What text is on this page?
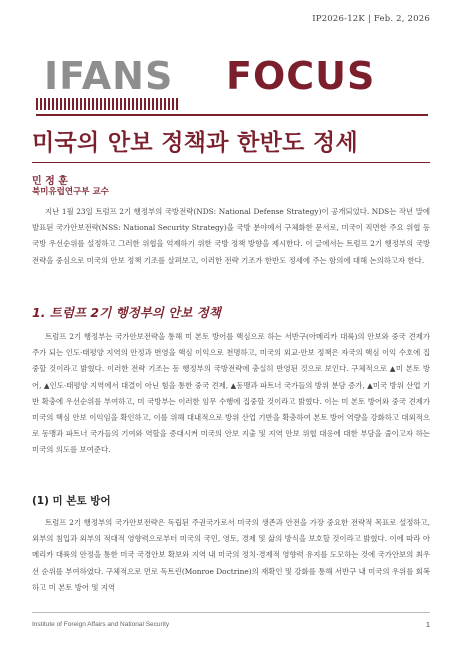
IP2026-12K | Feb. 2, 2026
IFANS FOCUS
미국의 안보 정책과 한반도 정세
민 정 훈
북미유럽연구부 교수
지난 1월 23일 트럼프 2기 행정부의 국방전략(NDS: National Defense Strategy)이 공개되었다. NDS는 작년 말에 발표된 국가안보전략(NSS: National Security Strategy)을 국방 분야에서 구체화한 문서로, 미국이 직면한 주요 위협 등 국방 우선순위를 설정하고 그러한 위협을 억제하기 위한 국방 정책 방향을 제시한다. 이 글에서는 트럼프 2기 행정부의 국방전략을 중심으로 미국의 안보 정책 기조를 살펴보고, 이러한 전략 기조가 한반도 정세에 주는 함의에 대해 논의하고자 한다.
1. 트럼프 2기 행정부의 안보 정책
트럼프 2기 행정부는 국가안보전략을 통해 미 본토 방어를 핵심으로 하는 서반구(아메리카 대륙)의 안보와 중국 견제가 주가 되는 인도·태평양 지역의 안정과 번영을 핵심 이익으로 천명하고, 미국의 외교·안보 정책은 자국의 핵심 이익 수호에 집중할 것이라고 밝혔다. 이러한 전략 기조는 동 행정부의 국방전략에 충실히 반영된 것으로 보인다. 구체적으로 ▲미 본토 방어, ▲인도·태평양 지역에서 대결이 아닌 힘을 통한 중국 견제, ▲동맹과 파트너 국가들의 방위 분담 증가, ▲미국 방위 산업 기반 확충에 우선순위를 부여하고, 미 국방부는 이러한 임무 수행에 집중할 것이라고 밝혔다. 이는 미 본토 방어와 중국 견제가 미국의 핵심 안보 이익임을 확인하고, 이를 위해 대내적으로 방위 산업 기반을 확충하여 본토 방어 역량을 강화하고 대외적으로 동맹과 파트너 국가들의 기여와 역할을 증대시켜 미국의 안보 지출 및 지역 안보 위협 대응에 대한 부담을 줄이고자 하는 미국의 의도를 보여준다.
(1) 미 본토 방어
트럼프 2기 행정부의 국가안보전략은 독립된 주권국가로서 미국의 생존과 안전을 가장 중요한 전략적 목표로 설정하고, 외부의 침입과 외부의 적대적 영향력으로부터 미국의 국민, 영토, 경제 및 삶의 방식을 보호할 것이라고 밝혔다. 이에 따라 아메리카 대륙의 안정을 통한 미국 국경안보 확보와 지역 내 미국의 정치·경제적 영향력 유지를 도모하는 것에 국가안보의 최우선 순위를 부여하였다. 구체적으로 먼로 독트린(Monroe Doctrine)의 재확인 및 강화를 통해 서반구 내 미국의 우위를 회복하고 미 본토 방어 및 지역
Institute of Foreign Affairs and National Security	1
